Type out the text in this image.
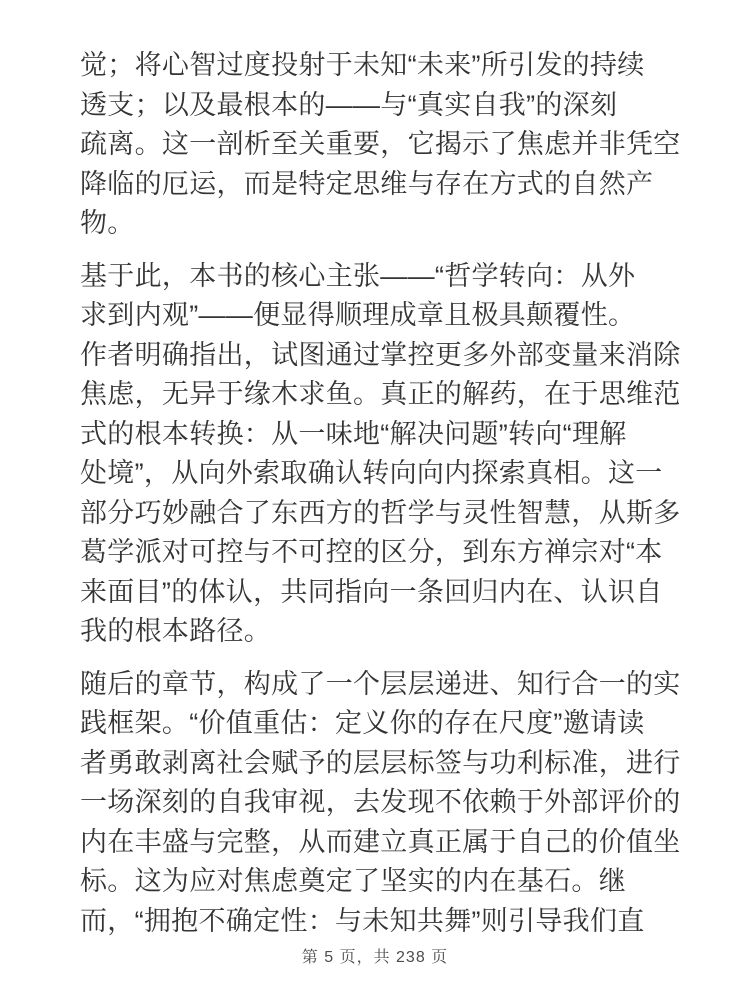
觉；将心智过度投射于未知“未来”所引发的持续
透支；以及最根本的——与“真实自我”的深刻
疏离。这一剖析至关重要，它揭示了焦虑并非凭空
降临的厄运，而是特定思维与存在方式的自然产
物。
基于此，本书的核心主张——“哲学转向：从外
求到内观”——便显得顺理成章且极具颠覆性。
作者明确指出，试图通过掌控更多外部变量来消除
焦虑，无异于缘木求鱼。真正的解药，在于思维范
式的根本转换：从一味地“解决问题”转向“理解
处境”，从向外索取确认转向向内探索真相。这一
部分巧妙融合了东西方的哲学与灵性智慧，从斯多
葛学派对可控与不可控的区分，到东方禅宗对“本
来面目”的体认，共同指向一条回归内在、认识自
我的根本路径。
随后的章节，构成了一个层层递进、知行合一的实
践框架。“价值重估：定义你的存在尺度”邀请读
者勇敢剥离社会赋予的层层标签与功利标准，进行
一场深刻的自我审视，去发现不依赖于外部评价的
内在丰盛与完整，从而建立真正属于自己的价值坐
标。这为应对焦虑奠定了坚实的内在基石。继
而，“拥抱不确定性：与未知共舞”则引导我们直
第 5 页，共 238 页
